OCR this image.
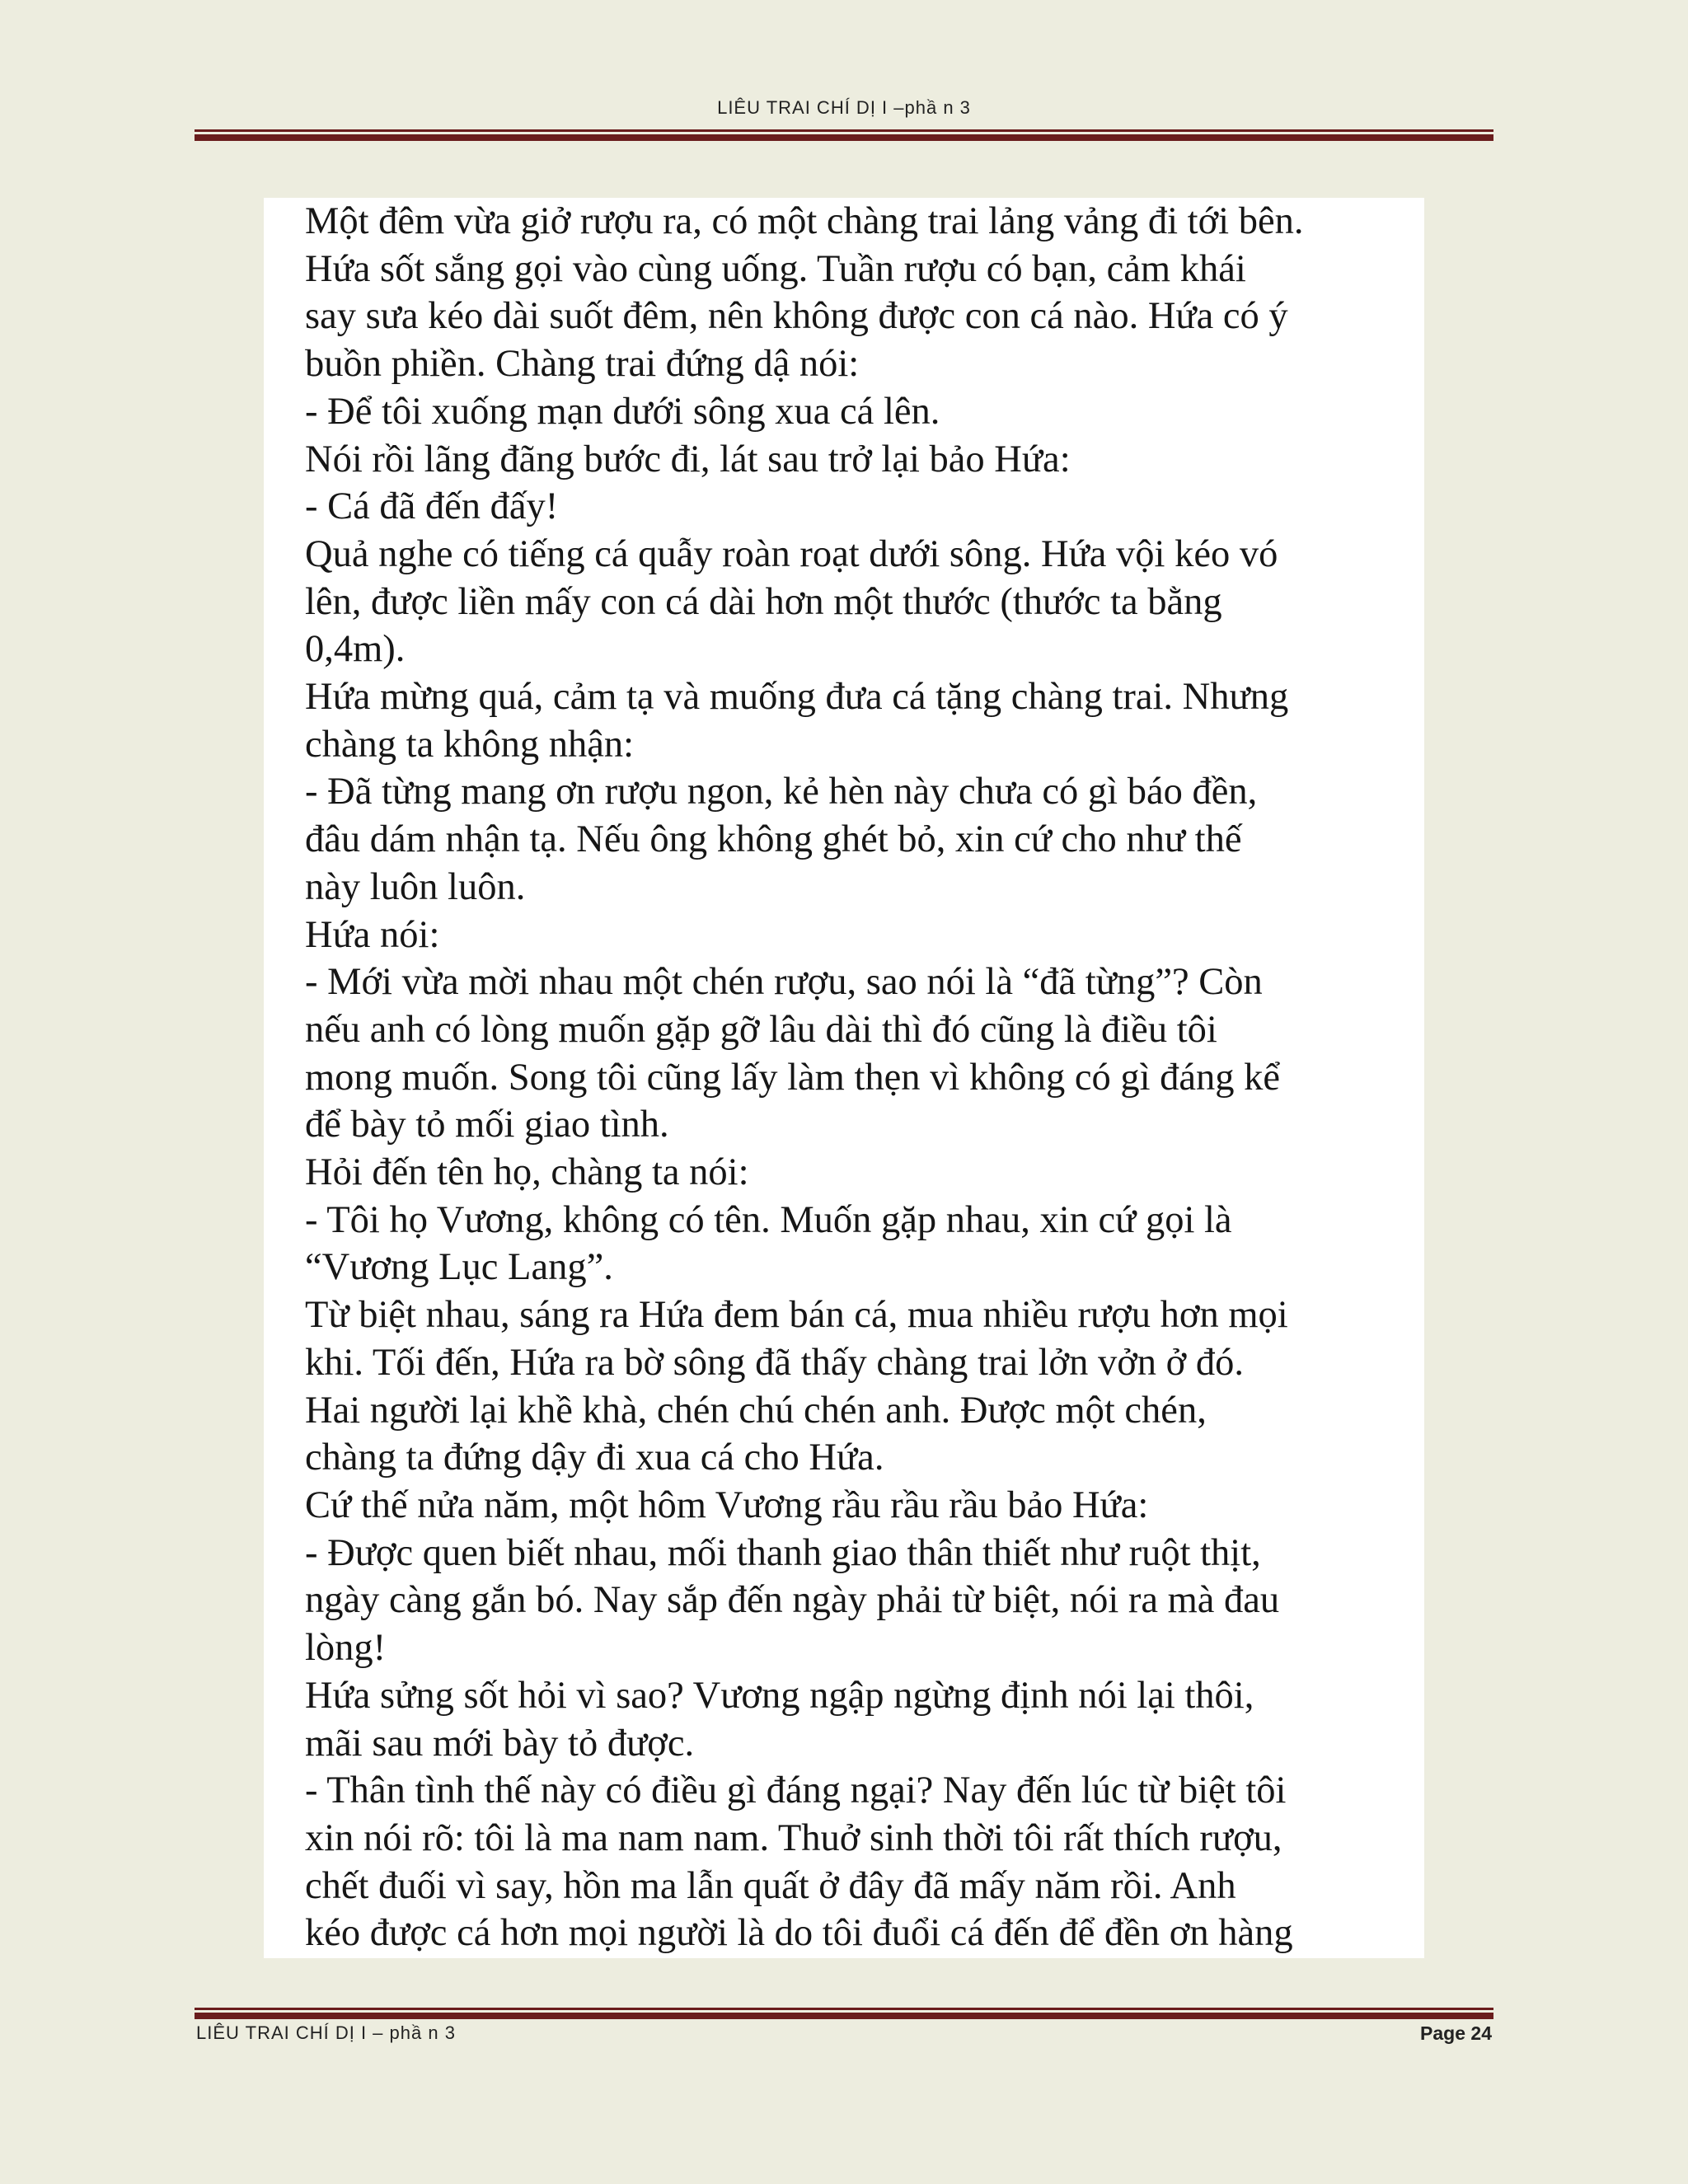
LIÊU TRAI CHÍ DỊ I –phầ n 3
Một đêm vừa giở rượu ra, có một chàng trai lảng vảng đi tới bên.
Hứa sốt sắng gọi vào cùng uống. Tuần rượu có bạn, cảm khái
say sưa kéo dài suốt đêm, nên không được con cá nào. Hứa có ý
buồn phiền. Chàng trai đứng dậ nói:
- Để tôi xuống mạn dưới sông xua cá lên.
Nói rồi lãng đãng bước đi, lát sau trở lại bảo Hứa:
- Cá đã đến đấy!
Quả nghe có tiếng cá quẫy roàn roạt dưới sông. Hứa vội kéo vó
lên, được liền mấy con cá dài hơn một thước (thước ta bằng
0,4m).
Hứa mừng quá, cảm tạ và muống đưa cá tặng chàng trai. Nhưng
chàng ta không nhận:
- Đã từng mang ơn rượu ngon, kẻ hèn này chưa có gì báo đền,
đâu dám nhận tạ. Nếu ông không ghét bỏ, xin cứ cho như thế
này luôn luôn.
Hứa nói:
- Mới vừa mời nhau một chén rượu, sao nói là “đã từng”? Còn
nếu anh có lòng muốn gặp gỡ lâu dài thì đó cũng là điều tôi
mong muốn. Song tôi cũng lấy làm thẹn vì không có gì đáng kể
để bày tỏ mối giao tình.
Hỏi đến tên họ, chàng ta nói:
- Tôi họ Vương, không có tên. Muốn gặp nhau, xin cứ gọi là
“Vương Lục Lang”.
Từ biệt nhau, sáng ra Hứa đem bán cá, mua nhiều rượu hơn mọi
khi. Tối đến, Hứa ra bờ sông đã thấy chàng trai lởn vởn ở đó.
Hai người lại khề khà, chén chú chén anh. Được một chén,
chàng ta đứng dậy đi xua cá cho Hứa.
Cứ thế nửa năm, một hôm Vương rầu rầu rầu bảo Hứa:
- Được quen biết nhau, mối thanh giao thân thiết như ruột thịt,
ngày càng gắn bó. Nay sắp đến ngày phải từ biệt, nói ra mà đau
lòng!
Hứa sửng sốt hỏi vì sao? Vương ngập ngừng định nói lại thôi,
mãi sau mới bày tỏ được.
- Thân tình thế này có điều gì đáng ngại? Nay đến lúc từ biệt tôi
xin nói rõ: tôi là ma nam nam. Thuở sinh thời tôi rất thích rượu,
chết đuối vì say, hồn ma lẫn quất ở đây đã mấy năm rồi. Anh
kéo được cá hơn mọi người là do tôi đuổi cá đến để đền ơn hàng
LIÊU TRAI CHÍ DỊ I – phầ n 3	Page 24
